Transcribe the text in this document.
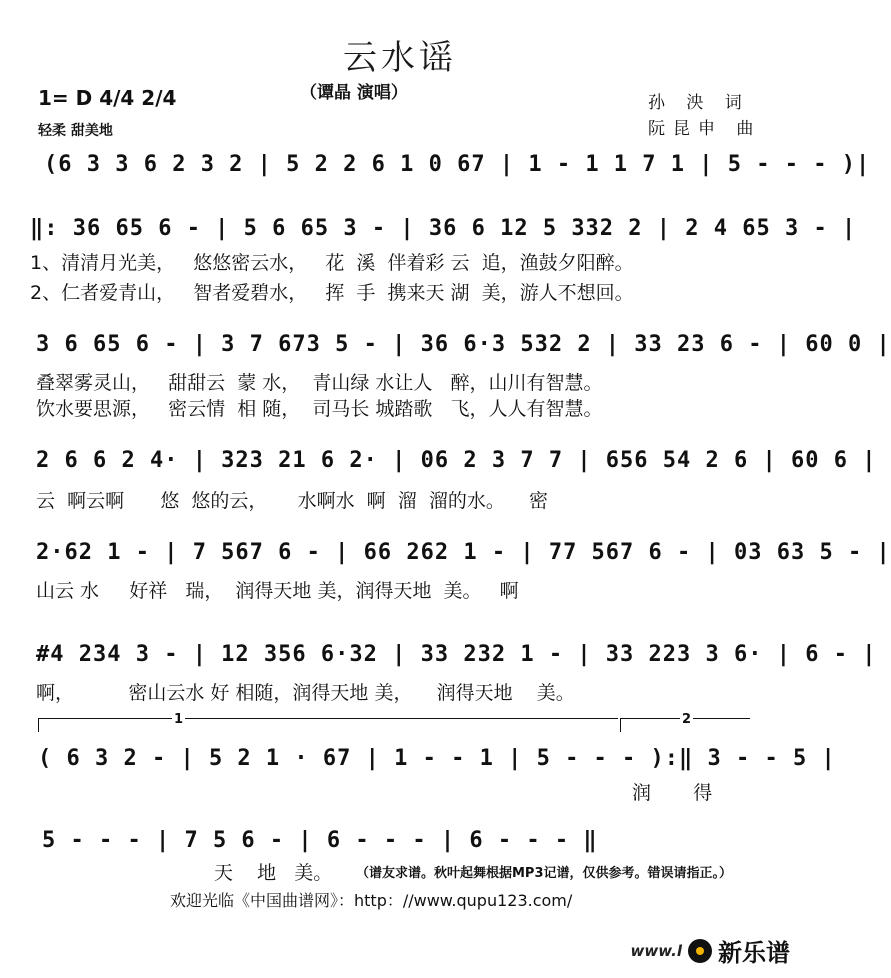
云水谣
（谭晶 演唱）
1= D 4/4 2/4
轻柔 甜美地
孙 泱 词
阮昆申 曲
(6 3 3 6 2 3 2 | 5 2 2 6 1 0 67 | 1 - 1 1 7 1 | 5 - - - )|
‖: 36 65 6 - | 5 6 65 3 - | 36 6 12 5 332 2 | 2 4 65 3 - |
1、清清月光美，   悠悠密云水，   花  溪  伴着彩 云  追，渔鼓夕阳醉。
2、仁者爱青山，   智者爱碧水，   挥  手  携来天 湖  美，游人不想回。
3 6 65 6 - | 3 7 673 5 - | 36 6·3 532 2 | 33 23 6 - | 60 0 |
叠翠雾灵山，   甜甜云  蒙 水，  青山绿 水让人   醉，山川有智慧。
饮水要思源，   密云情  相 随，  司马长 城踏歌   飞，人人有智慧。
2 6 6 2 4· | 323 21 6 2· | 06 2 3 7 7 | 656 54 2 6 | 60 6 |
云  啊云啊      悠  悠的云，     水啊水  啊  溜  溜的水。    密
2·62 1 - | 7 567 6 - | 66 262 1 - | 77 567 6 - | 03 63 5 - |
山云 水     好祥   瑞，  润得天地 美，润得天地  美。   啊
#4 234 3 - | 12 356 6·32 | 33 232 1 - | 33 223 3 6· | 6 - |
啊，         密山云水 好 相随，润得天地 美，    润得天地    美。
1	2
( 6 3 2 - | 5 2 1 · 67 | 1 - - 1 | 5 - - - ):‖ 3 - - 5 |
润       得
5 - - - | 7 5 6 - | 6 - - - | 6 - - - ‖
天    地   美。 （谱友求谱。秋叶起舞根据MP3记谱，仅供参考。错误请指正。）
欢迎光临《中国曲谱网》：http：//www.qupu123.com/
www.l 新乐谱
